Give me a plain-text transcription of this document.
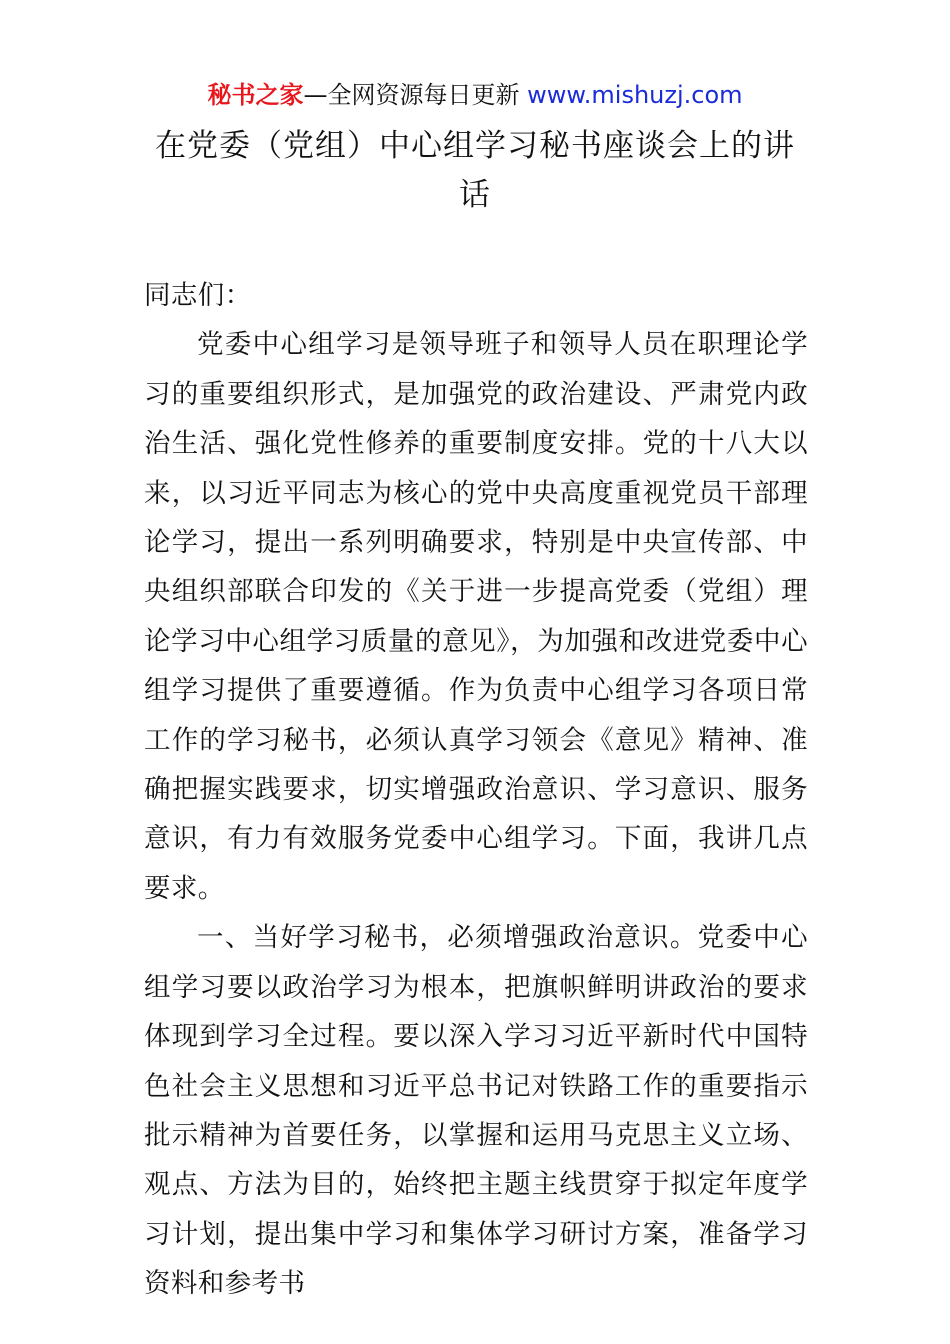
秘书之家—全网资源每日更新 www.mishuzj.com
在党委（党组）中心组学习秘书座谈会上的讲话

同志们：

党委中心组学习是领导班子和领导人员在职理论学习的重要组织形式，是加强党的政治建设、严肃党内政治生活、强化党性修养的重要制度安排。党的十八大以来，以习近平同志为核心的党中央高度重视党员干部理论学习，提出一系列明确要求，特别是中央宣传部、中央组织部联合印发的《关于进一步提高党委（党组）理论学习中心组学习质量的意见》，为加强和改进党委中心组学习提供了重要遵循。作为负责中心组学习各项日常工作的学习秘书，必须认真学习领会《意见》精神、准确把握实践要求，切实增强政治意识、学习意识、服务意识，有力有效服务党委中心组学习。下面，我讲几点要求。

一、当好学习秘书，必须增强政治意识。党委中心组学习要以政治学习为根本，把旗帜鲜明讲政治的要求体现到学习全过程。要以深入学习习近平新时代中国特色社会主义思想和习近平总书记对铁路工作的重要指示批示精神为首要任务，以掌握和运用马克思主义立场、观点、方法为目的，始终把主题主线贯穿于拟定年度学习计划，提出集中学习和集体学习研讨方案，准备学习资料和参考书
